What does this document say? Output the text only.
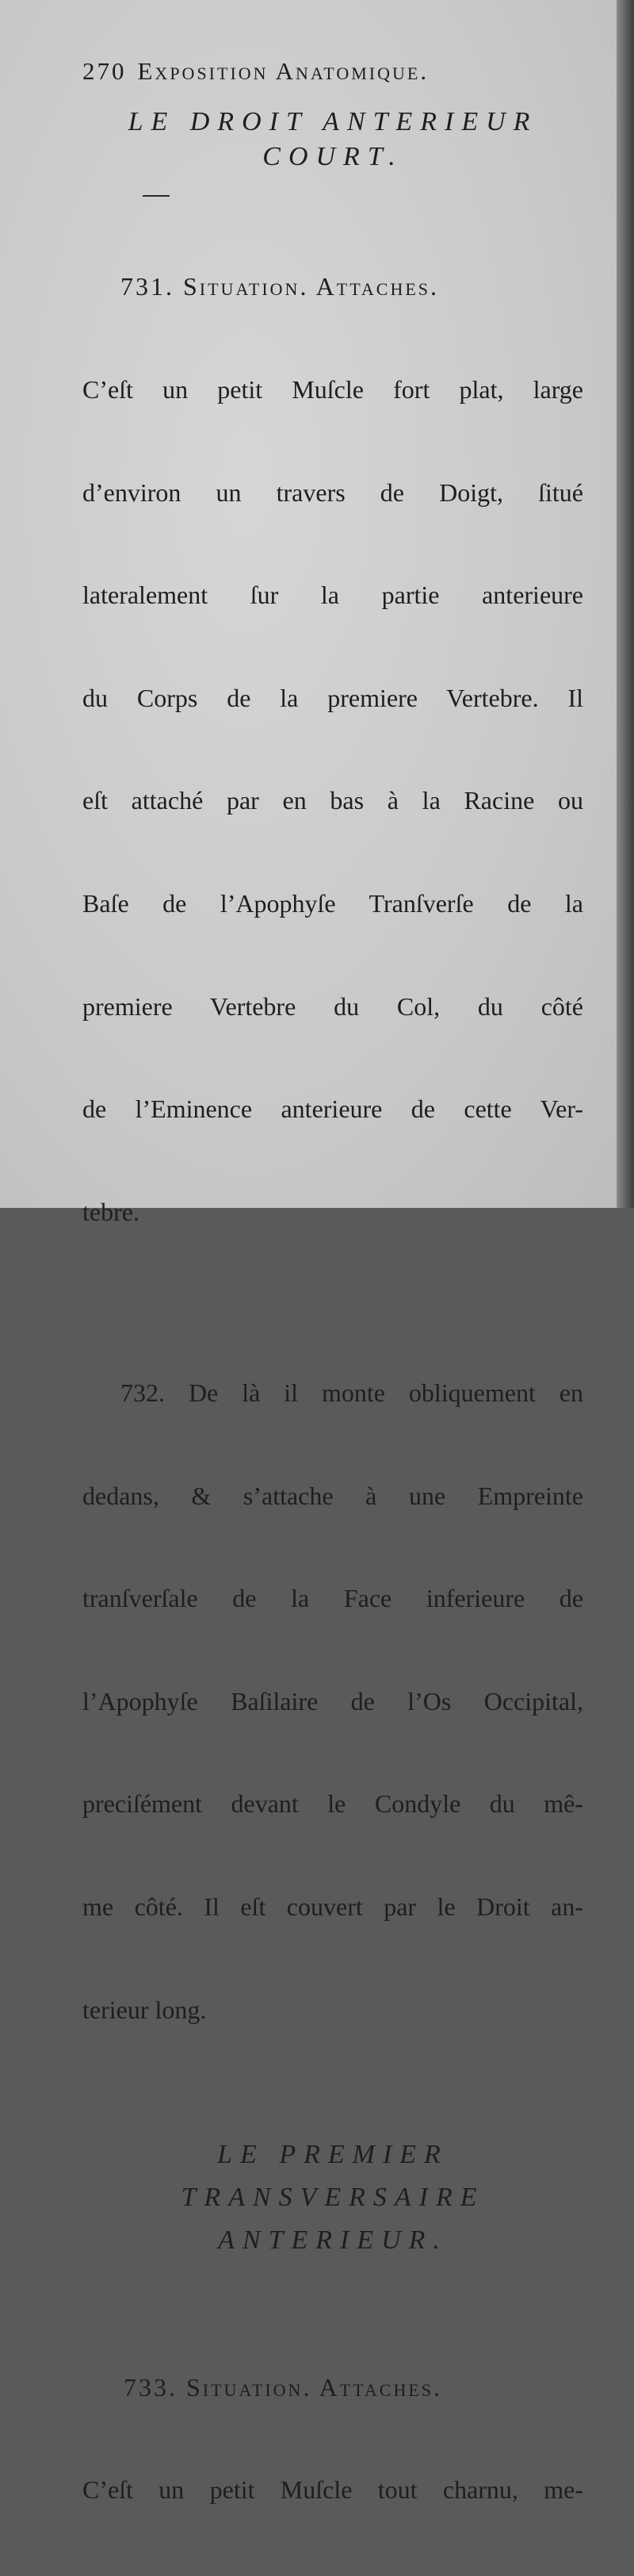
270 Exposition Anatomique.
LE DROIT ANTERIEUR
COURT.

731. Situation. Attaches.

C’eſt un petit Muſcle fort plat, large

d’environ un travers de Doigt, ſitué

lateralement ſur la partie anterieure

du Corps de la premiere Vertebre. Il

eſt attaché par en bas à la Racine ou

Baſe de l’Apophyſe Tranſverſe de la

premiere Vertebre du Col, du côté

de l’Eminence anterieure de cette Ver-

tebre.

732. De là il monte obliquement en

dedans, & s’attache à une Empreinte

tranſverſale de la Face inferieure de

l’Apophyſe Baſilaire de l’Os Occipital,

preciſément devant le Condyle du mê-

me côté. Il eſt couvert par le Droit an-

terieur long.

LE PREMIER
TRANSVERSAIRE
ANTERIEUR.

733. Situation. Attaches.

C’eſt un petit Muſcle tout charnu, me-
